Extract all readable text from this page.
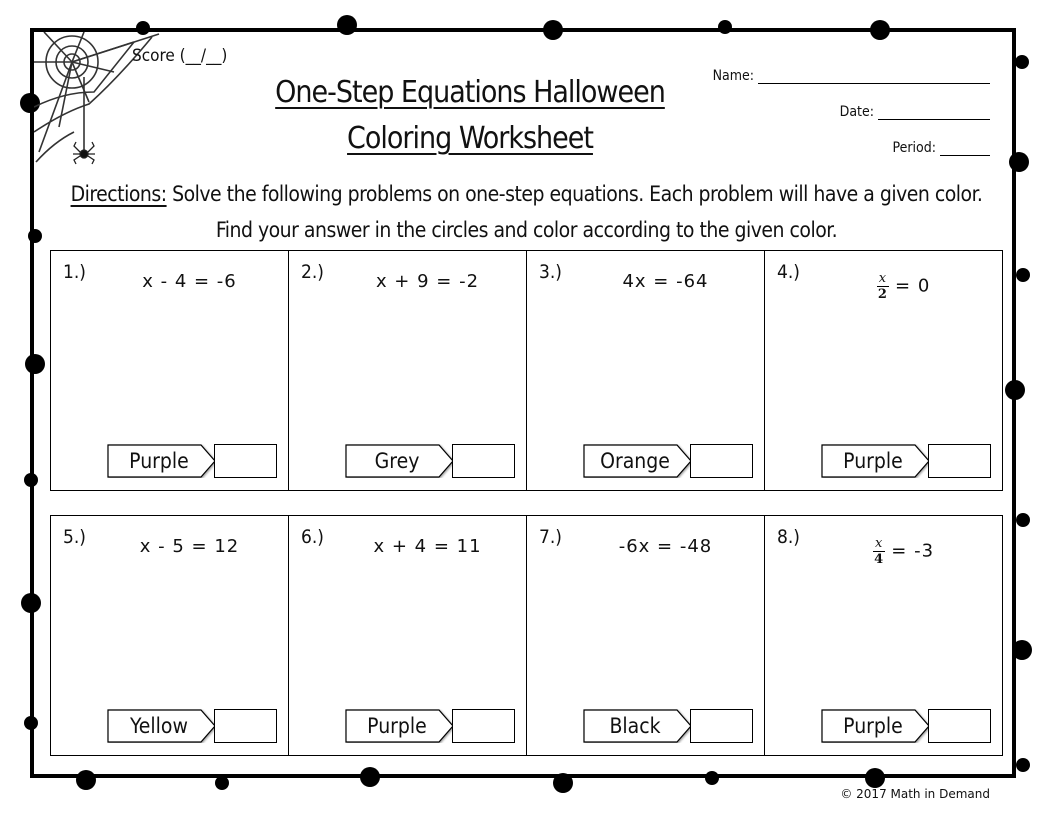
Score (__/__)
One-Step Equations Halloween
Coloring Worksheet
Name:
Date:
Period:
Directions: Solve the following problems on one-step equations. Each problem will have a given color. Find your answer in the circles and color according to the given color.
1.)	x - 4 = -6
Purple
2.)	x + 9 = -2
Grey
3.)	4x = -64
Orange
4.)	$\frac{x}{2} = 0$
Purple
5.)	x - 5 = 12
Yellow
6.)	x + 4 = 11
Purple
7.)	-6x = -48
Black
8.)	$\frac{x}{4} = -3$
Purple
© 2017 Math in Demand
